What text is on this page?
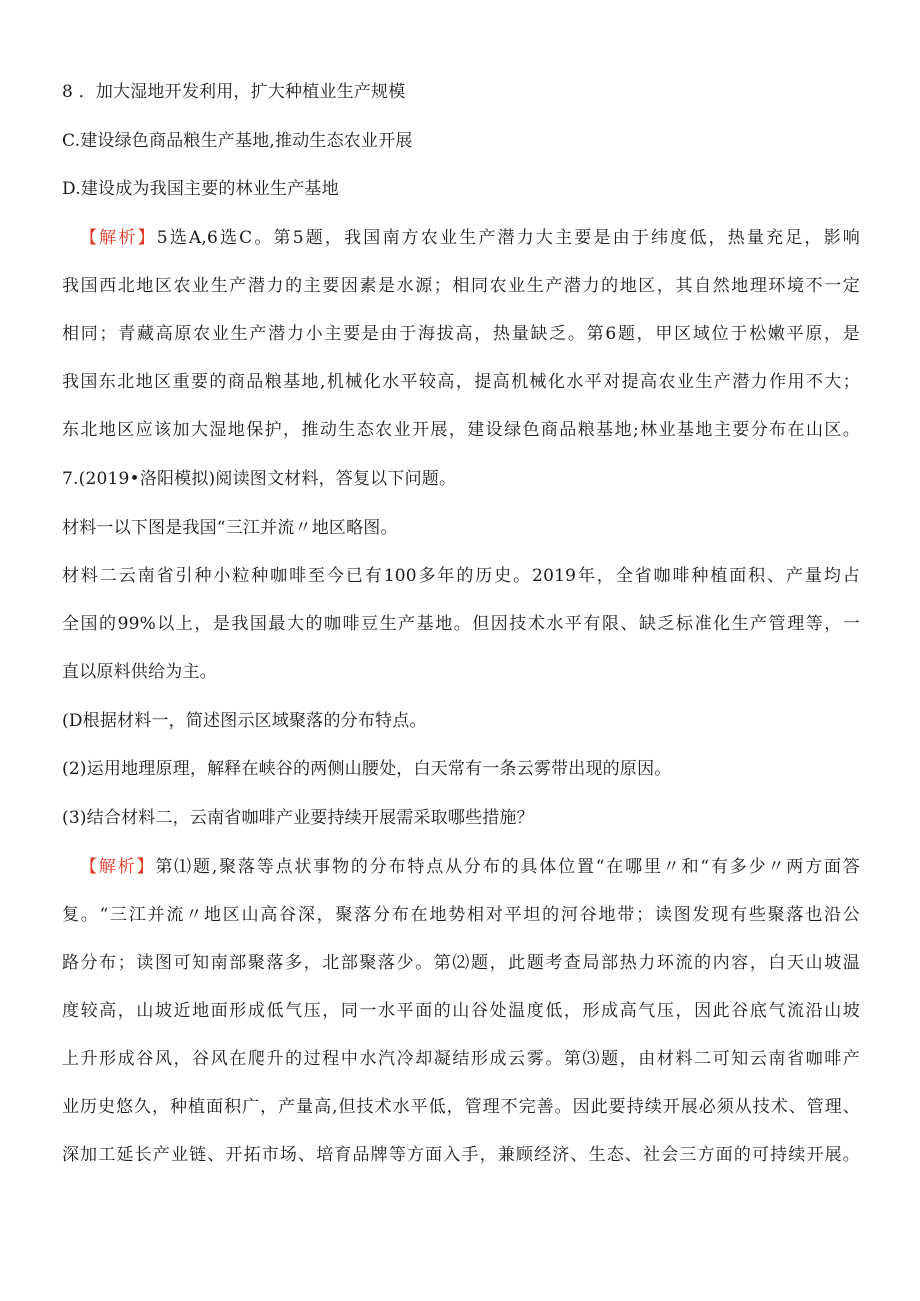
8 ．加大湿地开发利用，扩大种植业生产规模
C.建设绿色商品粮生产基地,推动生态农业开展
D.建设成为我国主要的林业生产基地
【解析】5选A,6选C。第5题，我国南方农业生产潜力大主要是由于纬度低，热量充足，影响
我国西北地区农业生产潜力的主要因素是水源；相同农业生产潜力的地区，其自然地理环境不一定
相同；青藏高原农业生产潜力小主要是由于海拔高，热量缺乏。第6题，甲区域位于松嫩平原，是
我国东北地区重要的商品粮基地,机械化水平较高，提高机械化水平对提高农业生产潜力作用不大；
东北地区应该加大湿地保护，推动生态农业开展，建设绿色商品粮基地;林业基地主要分布在山区。
7.(2019•洛阳模拟)阅读图文材料，答复以下问题。
材料一以下图是我国“三江并流〃地区略图。
材料二云南省引种小粒种咖啡至今已有100多年的历史。2019年，全省咖啡种植面积、产量均占
全国的99%以上，是我国最大的咖啡豆生产基地。但因技术水平有限、缺乏标准化生产管理等，一
直以原料供给为主。
(D根据材料一，简述图示区域聚落的分布特点。
(2)运用地理原理，解释在峡谷的两侧山腰处，白天常有一条云雾带出现的原因。
(3)结合材料二，云南省咖啡产业要持续开展需采取哪些措施？
【解析】第⑴题,聚落等点状事物的分布特点从分布的具体位置“在哪里〃和“有多少〃两方面答
复。“三江并流〃地区山高谷深，聚落分布在地势相对平坦的河谷地带；读图发现有些聚落也沿公
路分布；读图可知南部聚落多，北部聚落少。第⑵题，此题考查局部热力环流的内容，白天山坡温
度较高，山坡近地面形成低气压，同一水平面的山谷处温度低，形成高气压，因此谷底气流沿山坡
上升形成谷风，谷风在爬升的过程中水汽冷却凝结形成云雾。第⑶题，由材料二可知云南省咖啡产
业历史悠久，种植面积广，产量高,但技术水平低，管理不完善。因此要持续开展必须从技术、管理、
深加工延长产业链、开拓市场、培育品牌等方面入手，兼顾经济、生态、社会三方面的可持续开展。
